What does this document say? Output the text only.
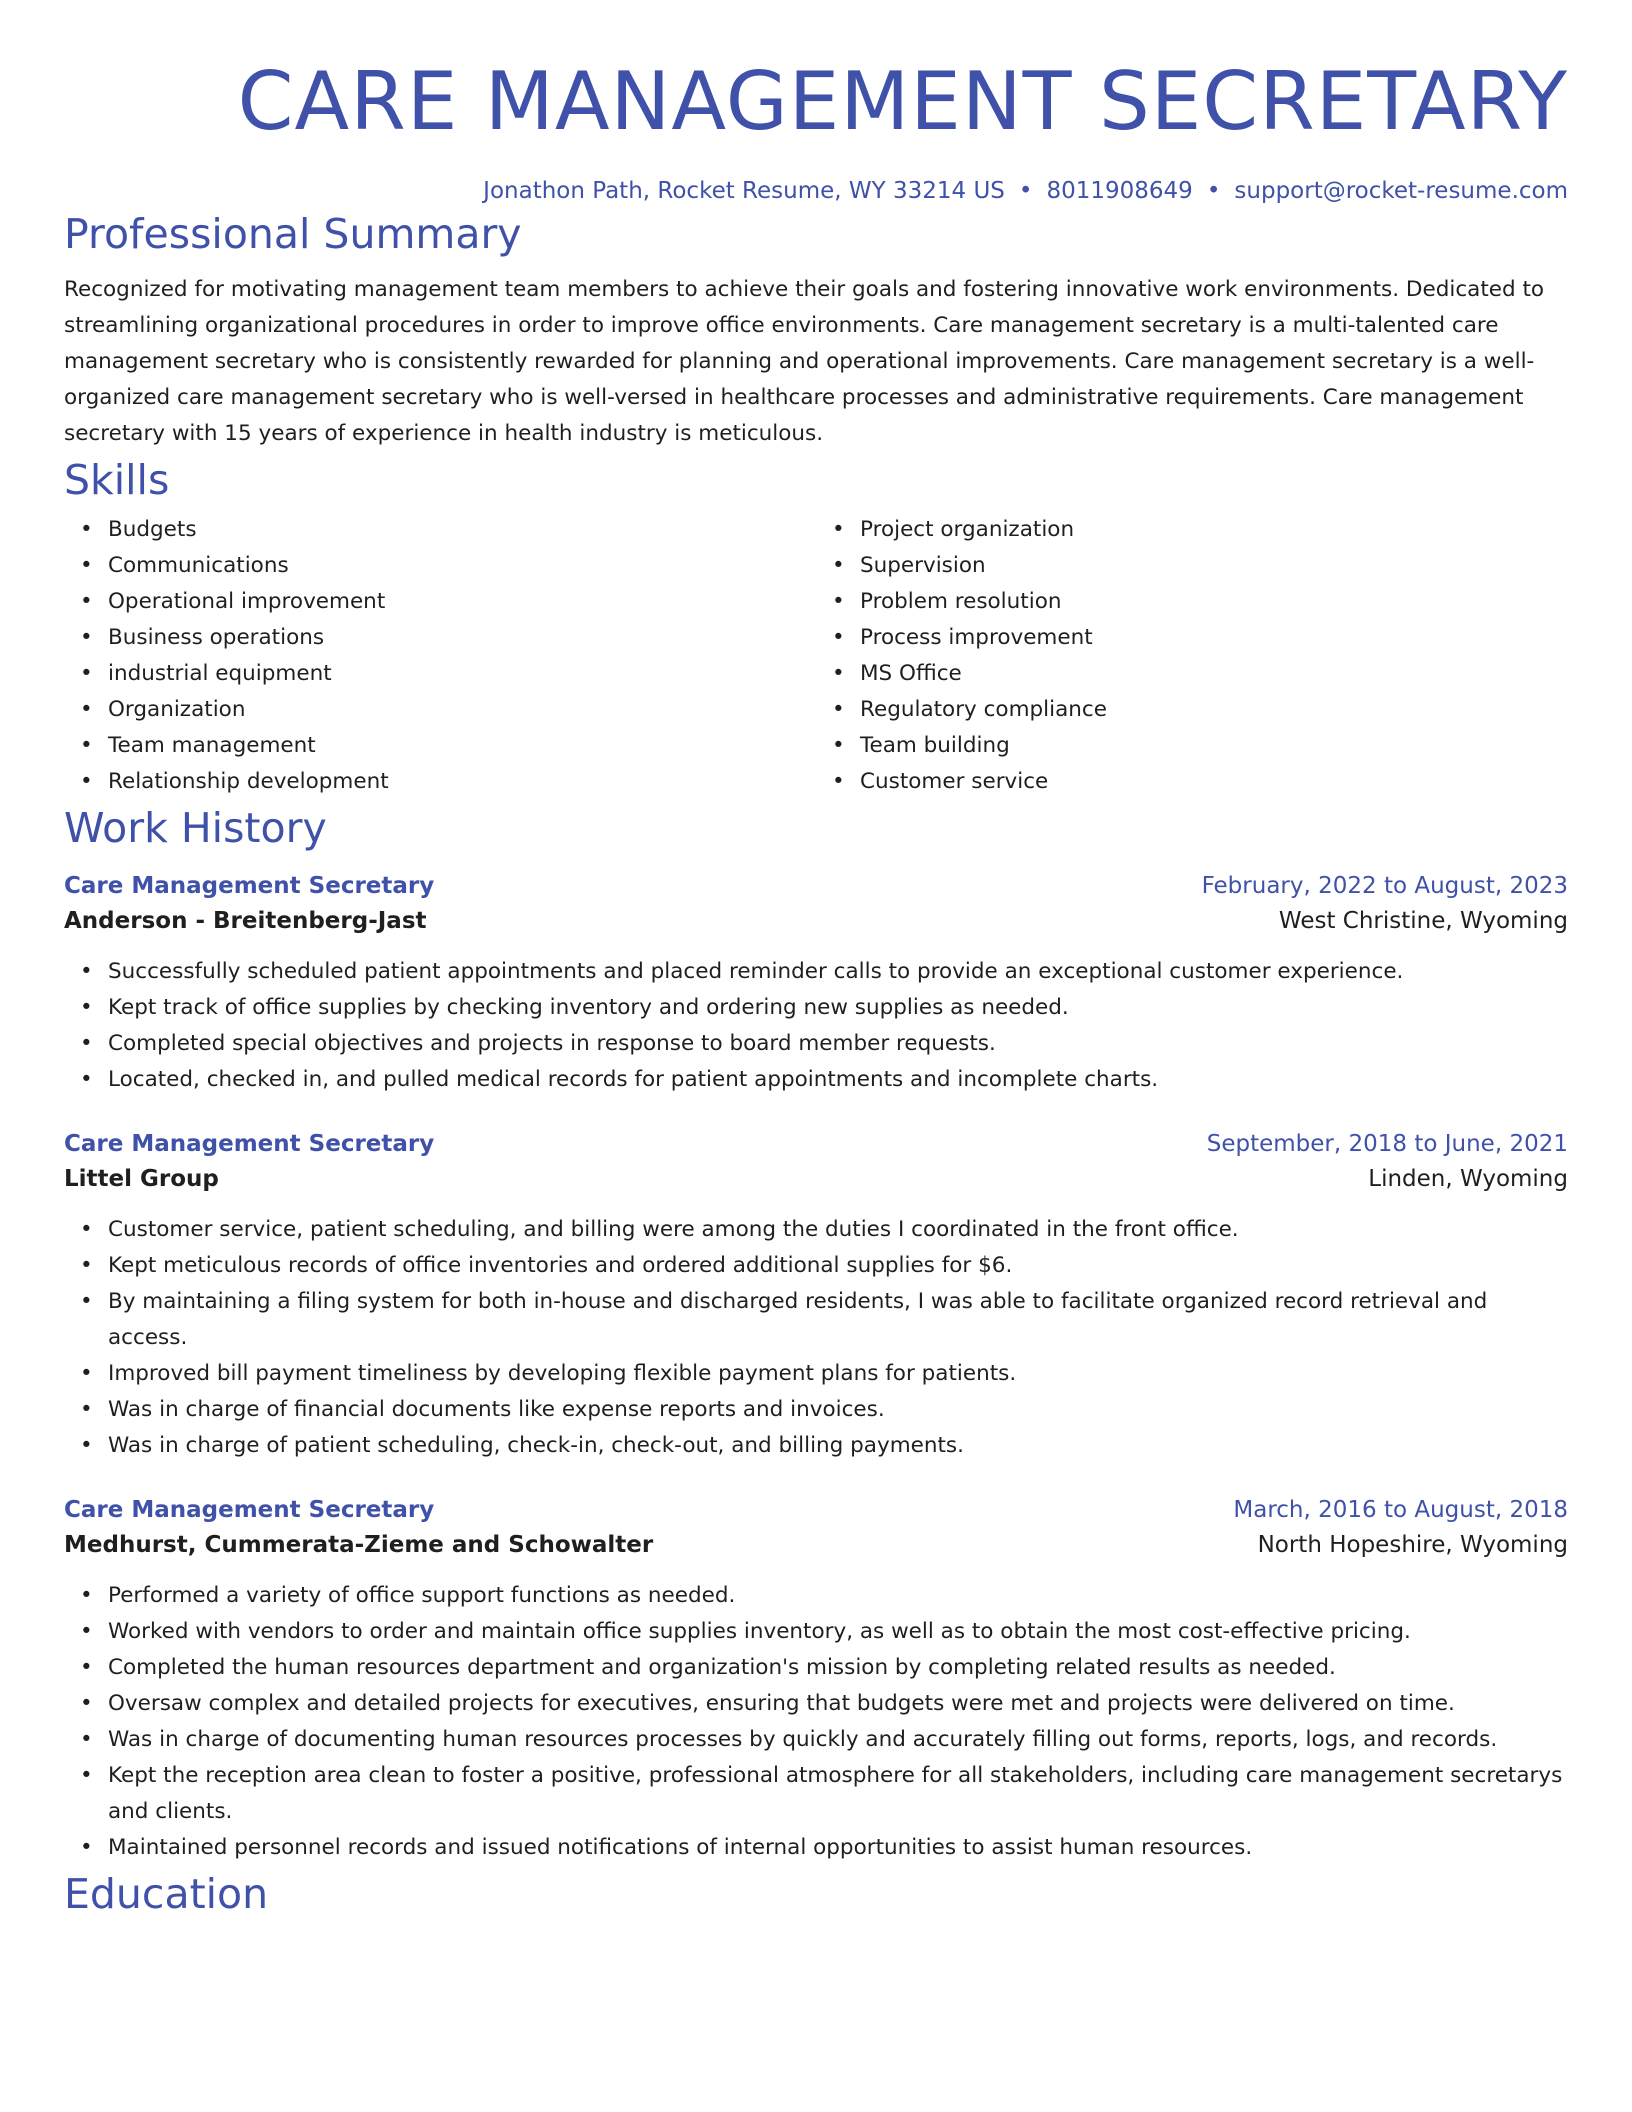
CARE MANAGEMENT SECRETARY
Jonathon Path, Rocket Resume, WY 33214 US • 8011908649 • support@rocket-resume.com
Professional Summary
Recognized for motivating management team members to achieve their goals and fostering innovative work environments. Dedicated to streamlining organizational procedures in order to improve office environments. Care management secretary is a multi-talented care management secretary who is consistently rewarded for planning and operational improvements. Care management secretary is a well-organized care management secretary who is well-versed in healthcare processes and administrative requirements. Care management secretary with 15 years of experience in health industry is meticulous.
Skills
• Budgets
• Communications
• Operational improvement
• Business operations
• industrial equipment
• Organization
• Team management
• Relationship development
• Project organization
• Supervision
• Problem resolution
• Process improvement
• MS Office
• Regulatory compliance
• Team building
• Customer service
Work History
Care Management Secretary	February, 2022 to August, 2023
Anderson - Breitenberg-Jast	West Christine, Wyoming
• Successfully scheduled patient appointments and placed reminder calls to provide an exceptional customer experience.
• Kept track of office supplies by checking inventory and ordering new supplies as needed.
• Completed special objectives and projects in response to board member requests.
• Located, checked in, and pulled medical records for patient appointments and incomplete charts.
Care Management Secretary	September, 2018 to June, 2021
Littel Group	Linden, Wyoming
• Customer service, patient scheduling, and billing were among the duties I coordinated in the front office.
• Kept meticulous records of office inventories and ordered additional supplies for $6.
• By maintaining a filing system for both in-house and discharged residents, I was able to facilitate organized record retrieval and access.
• Improved bill payment timeliness by developing flexible payment plans for patients.
• Was in charge of financial documents like expense reports and invoices.
• Was in charge of patient scheduling, check-in, check-out, and billing payments.
Care Management Secretary	March, 2016 to August, 2018
Medhurst, Cummerata-Zieme and Schowalter	North Hopeshire, Wyoming
• Performed a variety of office support functions as needed.
• Worked with vendors to order and maintain office supplies inventory, as well as to obtain the most cost-effective pricing.
• Completed the human resources department and organization's mission by completing related results as needed.
• Oversaw complex and detailed projects for executives, ensuring that budgets were met and projects were delivered on time.
• Was in charge of documenting human resources processes by quickly and accurately filling out forms, reports, logs, and records.
• Kept the reception area clean to foster a positive, professional atmosphere for all stakeholders, including care management secretarys and clients.
• Maintained personnel records and issued notifications of internal opportunities to assist human resources.
Education
